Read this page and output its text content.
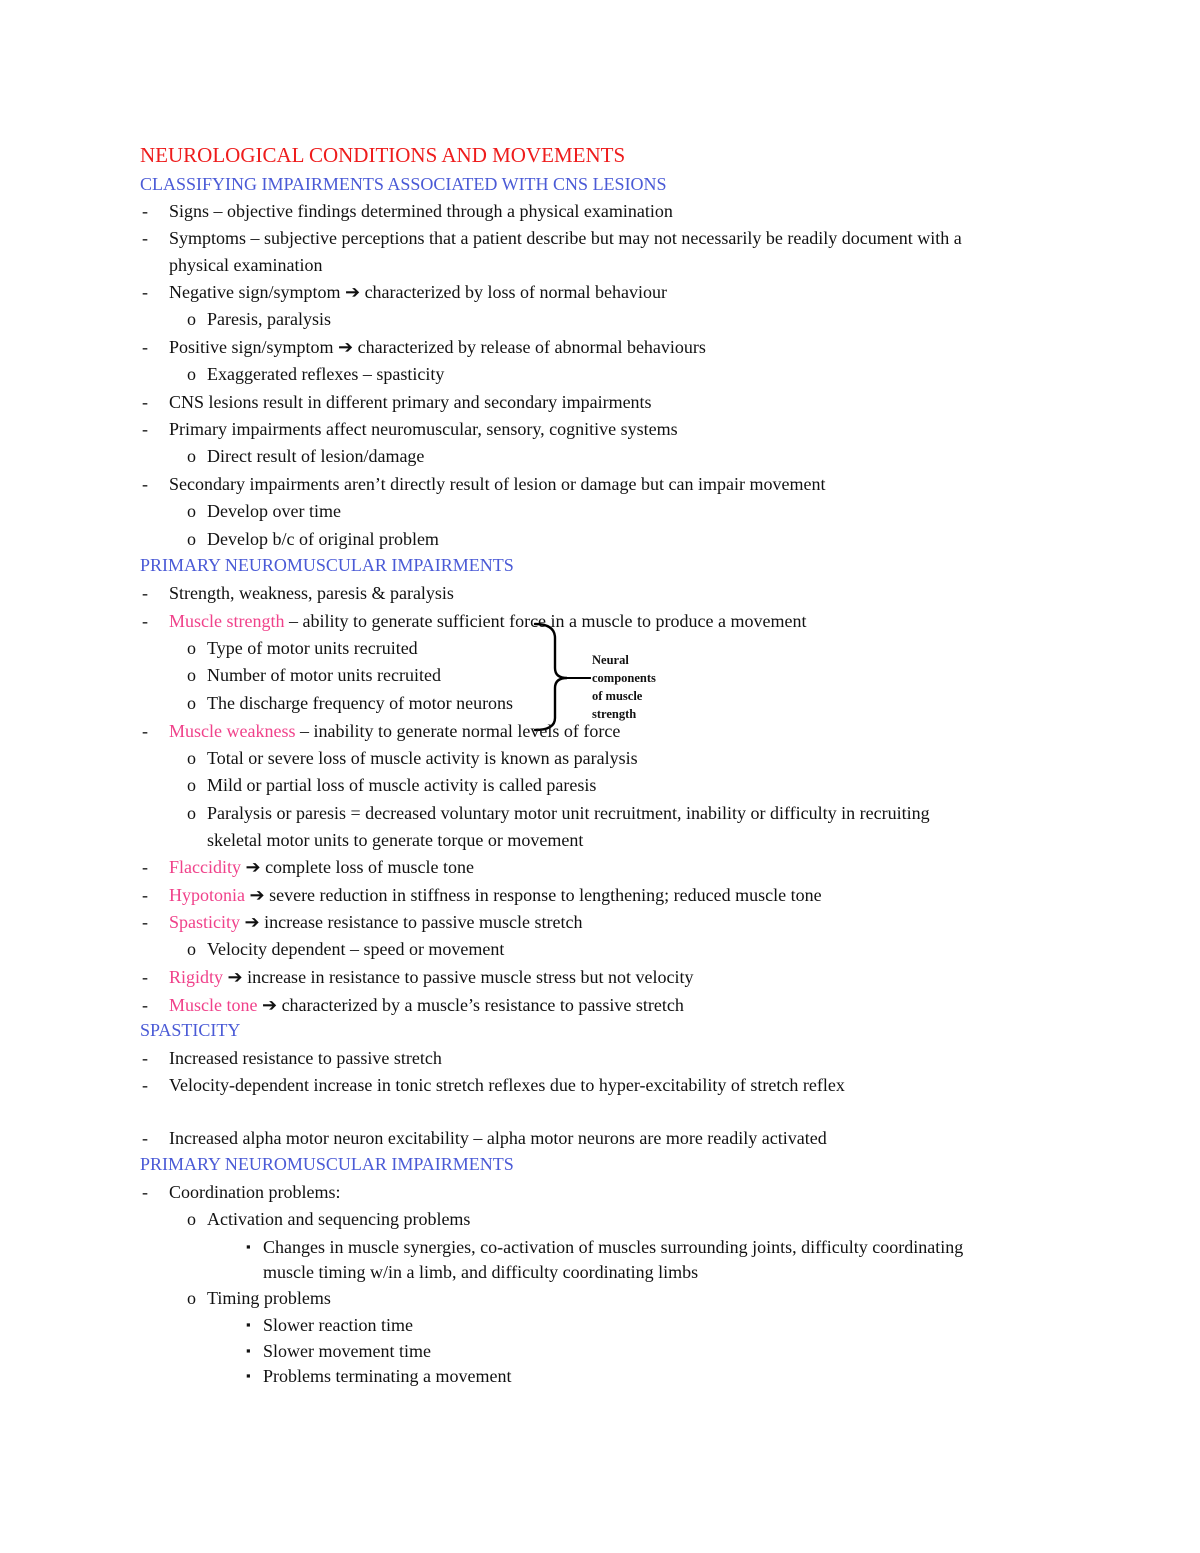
NEUROLOGICAL CONDITIONS AND MOVEMENTS
CLASSIFYING IMPAIRMENTS ASSOCIATED WITH CNS LESIONS
- Signs – objective findings determined through a physical examination
- Symptoms – subjective perceptions that a patient describe but may not necessarily be readily document with a
physical examination
- Negative sign/symptom ➔ characterized by loss of normal behaviour
o Paresis, paralysis
- Positive sign/symptom ➔ characterized by release of abnormal behaviours
o Exaggerated reflexes – spasticity
- CNS lesions result in different primary and secondary impairments
- Primary impairments affect neuromuscular, sensory, cognitive systems
o Direct result of lesion/damage
- Secondary impairments aren’t directly result of lesion or damage but can impair movement
o Develop over time
o Develop b/c of original problem
PRIMARY NEUROMUSCULAR IMPAIRMENTS
- Strength, weakness, paresis & paralysis
- Muscle strength – ability to generate sufficient force in a muscle to produce a movement
o Type of motor units recruited
o Number of motor units recruited
o The discharge frequency of motor neurons
Neural
components
of muscle
strength
- Muscle weakness – inability to generate normal levels of force
o Total or severe loss of muscle activity is known as paralysis
o Mild or partial loss of muscle activity is called paresis
o Paralysis or paresis = decreased voluntary motor unit recruitment, inability or difficulty in recruiting
skeletal motor units to generate torque or movement
- Flaccidity ➔ complete loss of muscle tone
- Hypotonia ➔ severe reduction in stiffness in response to lengthening; reduced muscle tone
- Spasticity ➔ increase resistance to passive muscle stretch
o Velocity dependent – speed or movement
- Rigidty ➔ increase in resistance to passive muscle stress but not velocity
- Muscle tone ➔ characterized by a muscle’s resistance to passive stretch
SPASTICITY
- Increased resistance to passive stretch
- Velocity-dependent increase in tonic stretch reflexes due to hyper-excitability of stretch reflex
- Increased alpha motor neuron excitability – alpha motor neurons are more readily activated
PRIMARY NEUROMUSCULAR IMPAIRMENTS
- Coordination problems:
o Activation and sequencing problems
▪ Changes in muscle synergies, co-activation of muscles surrounding joints, difficulty coordinating
muscle timing w/in a limb, and difficulty coordinating limbs
o Timing problems
▪ Slower reaction time
▪ Slower movement time
▪ Problems terminating a movement
